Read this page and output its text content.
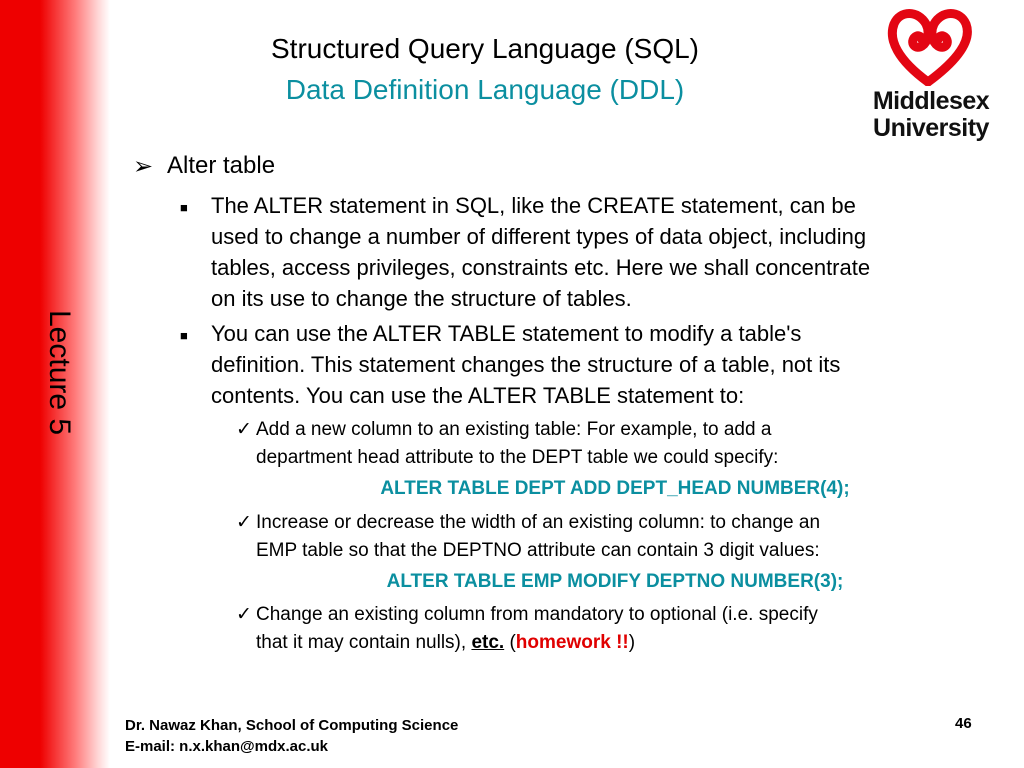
Lecture 5
Structured Query Language (SQL)
Data Definition Language (DDL)	Middlesex
University
➢ Alter table
■	The ALTER statement in SQL, like the CREATE statement, can be
used to change a number of different types of data object, including
tables, access privileges, constraints etc. Here we shall concentrate
on its use to change the structure of tables.
■	You can use the ALTER TABLE statement to modify a table's
definition. This statement changes the structure of a table, not its
contents. You can use the ALTER TABLE statement to:
✓ Add a new column to an existing table: For example, to add a
department head attribute to the DEPT table we could specify:
ALTER TABLE DEPT ADD DEPT_HEAD NUMBER(4);
✓ Increase or decrease the width of an existing column: to change an
EMP table so that the DEPTNO attribute can contain 3 digit values:
ALTER TABLE EMP MODIFY DEPTNO NUMBER(3);
✓ Change an existing column from mandatory to optional (i.e. specify
that it may contain nulls), etc. (homework !!)
Dr. Nawaz Khan, School of Computing Science
E-mail: n.x.khan@mdx.ac.uk
46
